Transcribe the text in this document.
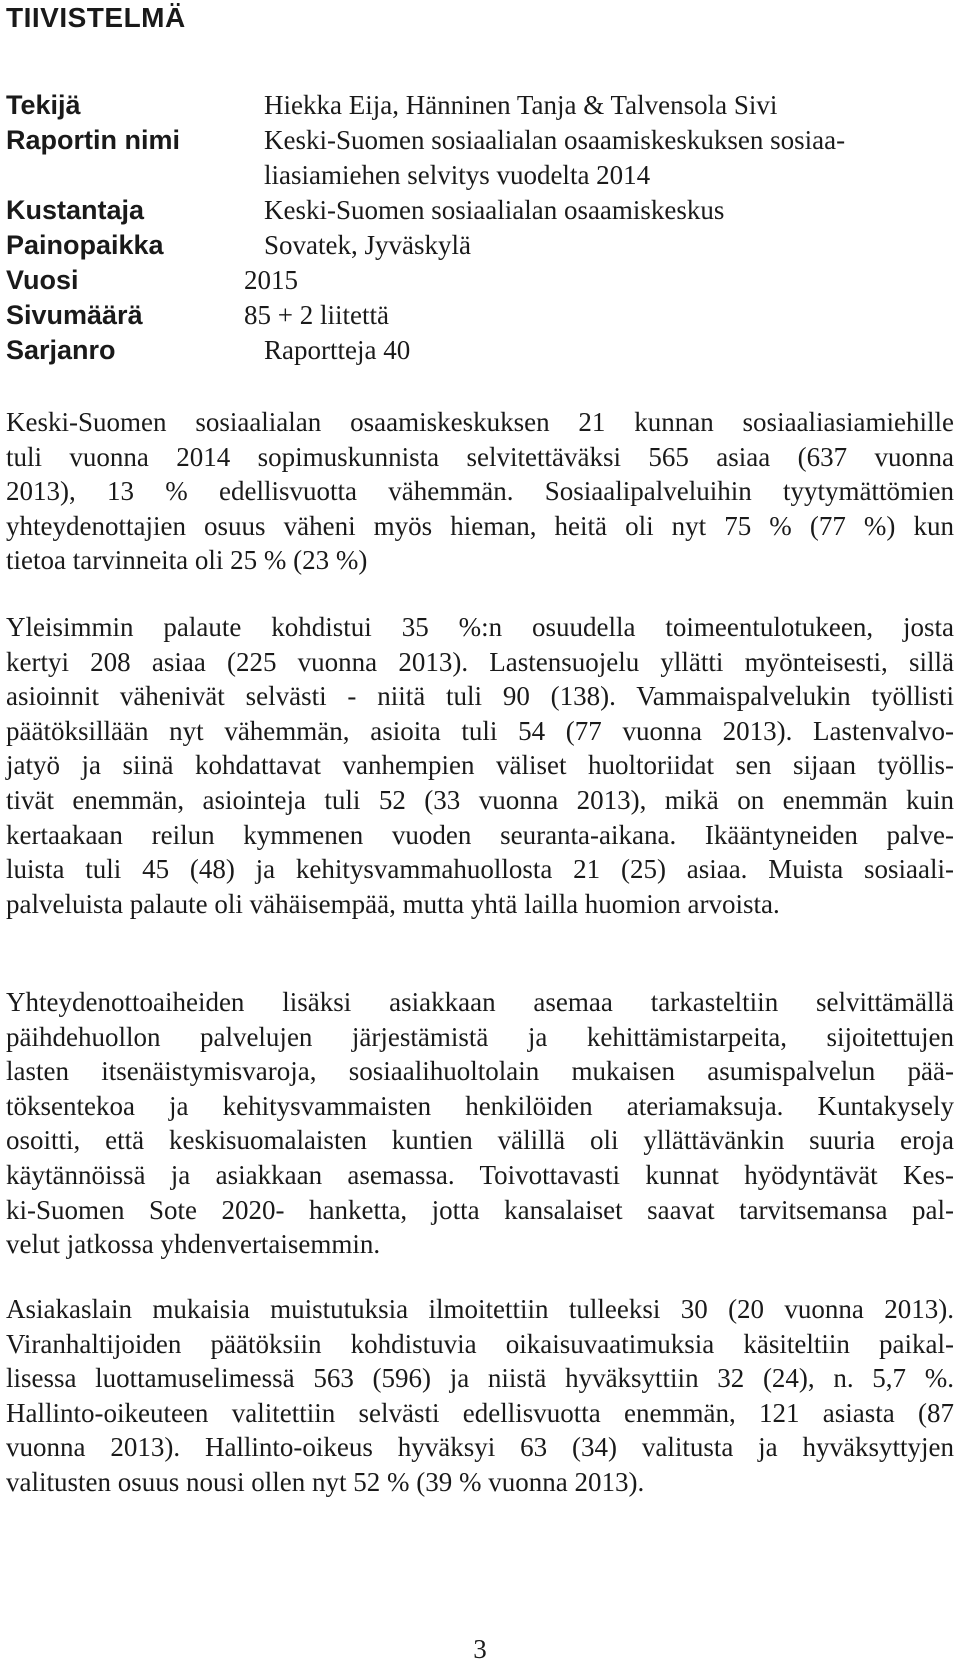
TIIVISTELMÄ
Tekijä	Hiekka Eija, Hänninen Tanja & Talvensola Sivi
Raportin nimi	Keski-Suomen sosiaalialan osaamiskeskuksen sosiaa-
liasiamiehen selvitys vuodelta 2014
Kustantaja	Keski-Suomen sosiaalialan osaamiskeskus
Painopaikka	Sovatek, Jyväskylä
Vuosi	2015
Sivumäärä	85 + 2 liitettä
Sarjanro	Raportteja 40
Keski-Suomen sosiaalialan osaamiskeskuksen 21 kunnan sosiaaliasiamiehille
tuli vuonna 2014 sopimuskunnista selvitettäväksi 565 asiaa (637 vuonna
2013), 13 % edellisvuotta vähemmän. Sosiaalipalveluihin tyytymättömien
yhteydenottajien osuus väheni myös hieman, heitä oli nyt 75 % (77 %) kun
tietoa tarvinneita oli 25 % (23 %)
Yleisimmin palaute kohdistui 35 %:n osuudella toimeentulotukeen, josta
kertyi 208 asiaa (225 vuonna 2013). Lastensuojelu yllätti myönteisesti, sillä
asioinnit vähenivät selvästi - niitä tuli 90 (138). Vammaispalvelukin työllisti
päätöksillään nyt vähemmän, asioita tuli 54 (77 vuonna 2013). Lastenvalvo-
jatyö ja siinä kohdattavat vanhempien väliset huoltoriidat sen sijaan työllis-
tivät enemmän, asiointeja tuli 52 (33 vuonna 2013), mikä on enemmän kuin
kertaakaan reilun kymmenen vuoden seuranta-aikana. Ikääntyneiden palve-
luista tuli 45 (48) ja kehitysvammahuollosta 21 (25) asiaa. Muista sosiaali-
palveluista palaute oli vähäisempää, mutta yhtä lailla huomion arvoista.
Yhteydenottoaiheiden lisäksi asiakkaan asemaa tarkasteltiin selvittämällä
päihdehuollon palvelujen järjestämistä ja kehittämistarpeita, sijoitettujen
lasten itsenäistymisvaroja, sosiaalihuoltolain mukaisen asumispalvelun pää-
töksentekoa ja kehitysvammaisten henkilöiden ateriamaksuja. Kuntakysely
osoitti, että keskisuomalaisten kuntien välillä oli yllättävänkin suuria eroja
käytännöissä ja asiakkaan asemassa. Toivottavasti kunnat hyödyntävät Kes-
ki-Suomen Sote 2020- hanketta, jotta kansalaiset saavat tarvitsemansa pal-
velut jatkossa yhdenvertaisemmin.
Asiakaslain mukaisia muistutuksia ilmoitettiin tulleeksi 30 (20 vuonna 2013).
Viranhaltijoiden päätöksiin kohdistuvia oikaisuvaatimuksia käsiteltiin paikal-
lisessa luottamuselimessä 563 (596) ja niistä hyväksyttiin 32 (24), n. 5,7 %.
Hallinto-oikeuteen valitettiin selvästi edellisvuotta enemmän, 121 asiasta (87
vuonna 2013). Hallinto-oikeus hyväksyi 63 (34) valitusta ja hyväksyttyjen
valitusten osuus nousi ollen nyt 52 % (39 % vuonna 2013).
3
